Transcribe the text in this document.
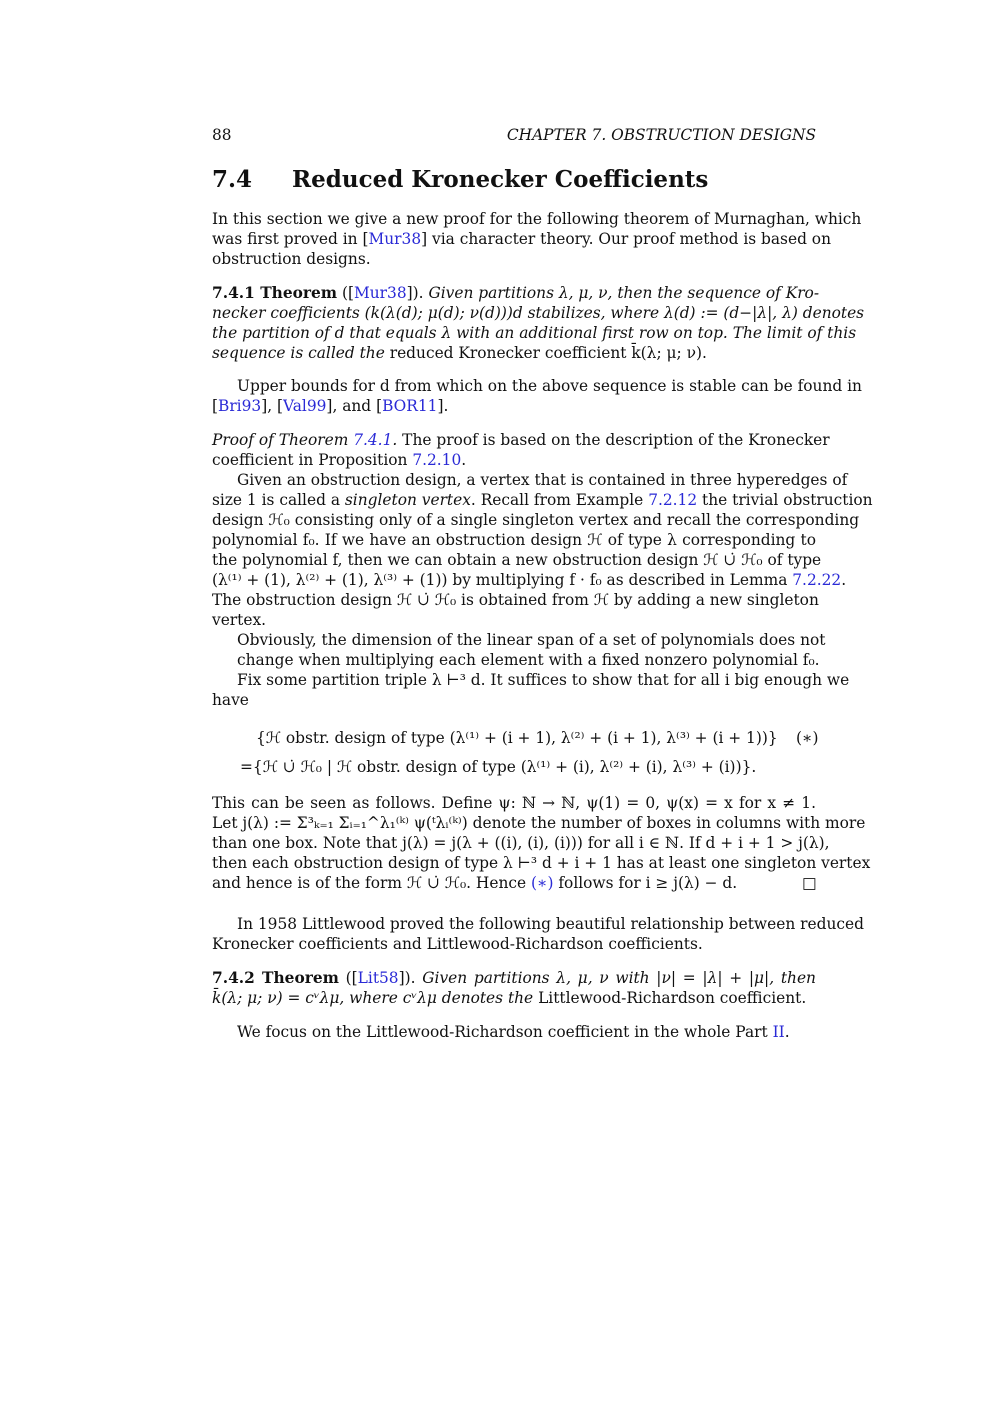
88	CHAPTER 7. OBSTRUCTION DESIGNS
7.4 Reduced Kronecker Coefficients
In this section we give a new proof for the following theorem of Murnaghan, which
was first proved in [Mur38] via character theory. Our proof method is based on
obstruction designs.
7.4.1 Theorem ([Mur38]). Given partitions λ, μ, ν, then the sequence of Kro-
necker coefficients (k(λ(d); μ(d); ν(d)))d stabilizes, where λ(d) := (d−|λ|, λ) denotes
the partition of d that equals λ with an additional first row on top. The limit of this
sequence is called the reduced Kronecker coefficient k̄(λ; μ; ν).
Upper bounds for d from which on the above sequence is stable can be found in
[Bri93], [Val99], and [BOR11].
Proof of Theorem 7.4.1. The proof is based on the description of the Kronecker
coefficient in Proposition 7.2.10.
Given an obstruction design, a vertex that is contained in three hyperedges of
size 1 is called a singleton vertex. Recall from Example 7.2.12 the trivial obstruction
design ℋ₀ consisting only of a single singleton vertex and recall the corresponding
polynomial f₀. If we have an obstruction design ℋ of type λ corresponding to
the polynomial f, then we can obtain a new obstruction design ℋ ∪̇ ℋ₀ of type
(λ⁽¹⁾ + (1), λ⁽²⁾ + (1), λ⁽³⁾ + (1)) by multiplying f · f₀ as described in Lemma 7.2.22.
The obstruction design ℋ ∪̇ ℋ₀ is obtained from ℋ by adding a new singleton
vertex.
Obviously, the dimension of the linear span of a set of polynomials does not
change when multiplying each element with a fixed nonzero polynomial f₀.
Fix some partition triple λ ⊢³ d. It suffices to show that for all i big enough we
have
{ℋ obstr. design of type (λ⁽¹⁾ + (i + 1), λ⁽²⁾ + (i + 1), λ⁽³⁾ + (i + 1))} (∗)
={ℋ ∪̇ ℋ₀ | ℋ obstr. design of type (λ⁽¹⁾ + (i), λ⁽²⁾ + (i), λ⁽³⁾ + (i))}.
This can be seen as follows. Define ψ: ℕ → ℕ, ψ(1) = 0, ψ(x) = x for x ≠ 1.
Let j(λ) := Σ³ₖ₌₁ Σᵢ₌₁^λ₁⁽ᵏ⁾ ψ(ᵗλᵢ⁽ᵏ⁾) denote the number of boxes in columns with more
than one box. Note that j(λ) = j(λ + ((i), (i), (i))) for all i ∈ ℕ. If d + i + 1 > j(λ),
then each obstruction design of type λ ⊢³ d + i + 1 has at least one singleton vertex
and hence is of the form ℋ ∪̇ ℋ₀. Hence (∗) follows for i ≥ j(λ) − d.	□
In 1958 Littlewood proved the following beautiful relationship between reduced
Kronecker coefficients and Littlewood-Richardson coefficients.
7.4.2 Theorem ([Lit58]). Given partitions λ, μ, ν with |ν| = |λ| + |μ|, then
k̄(λ; μ; ν) = cᵛλμ, where cᵛλμ denotes the Littlewood-Richardson coefficient.
We focus on the Littlewood-Richardson coefficient in the whole Part II.
